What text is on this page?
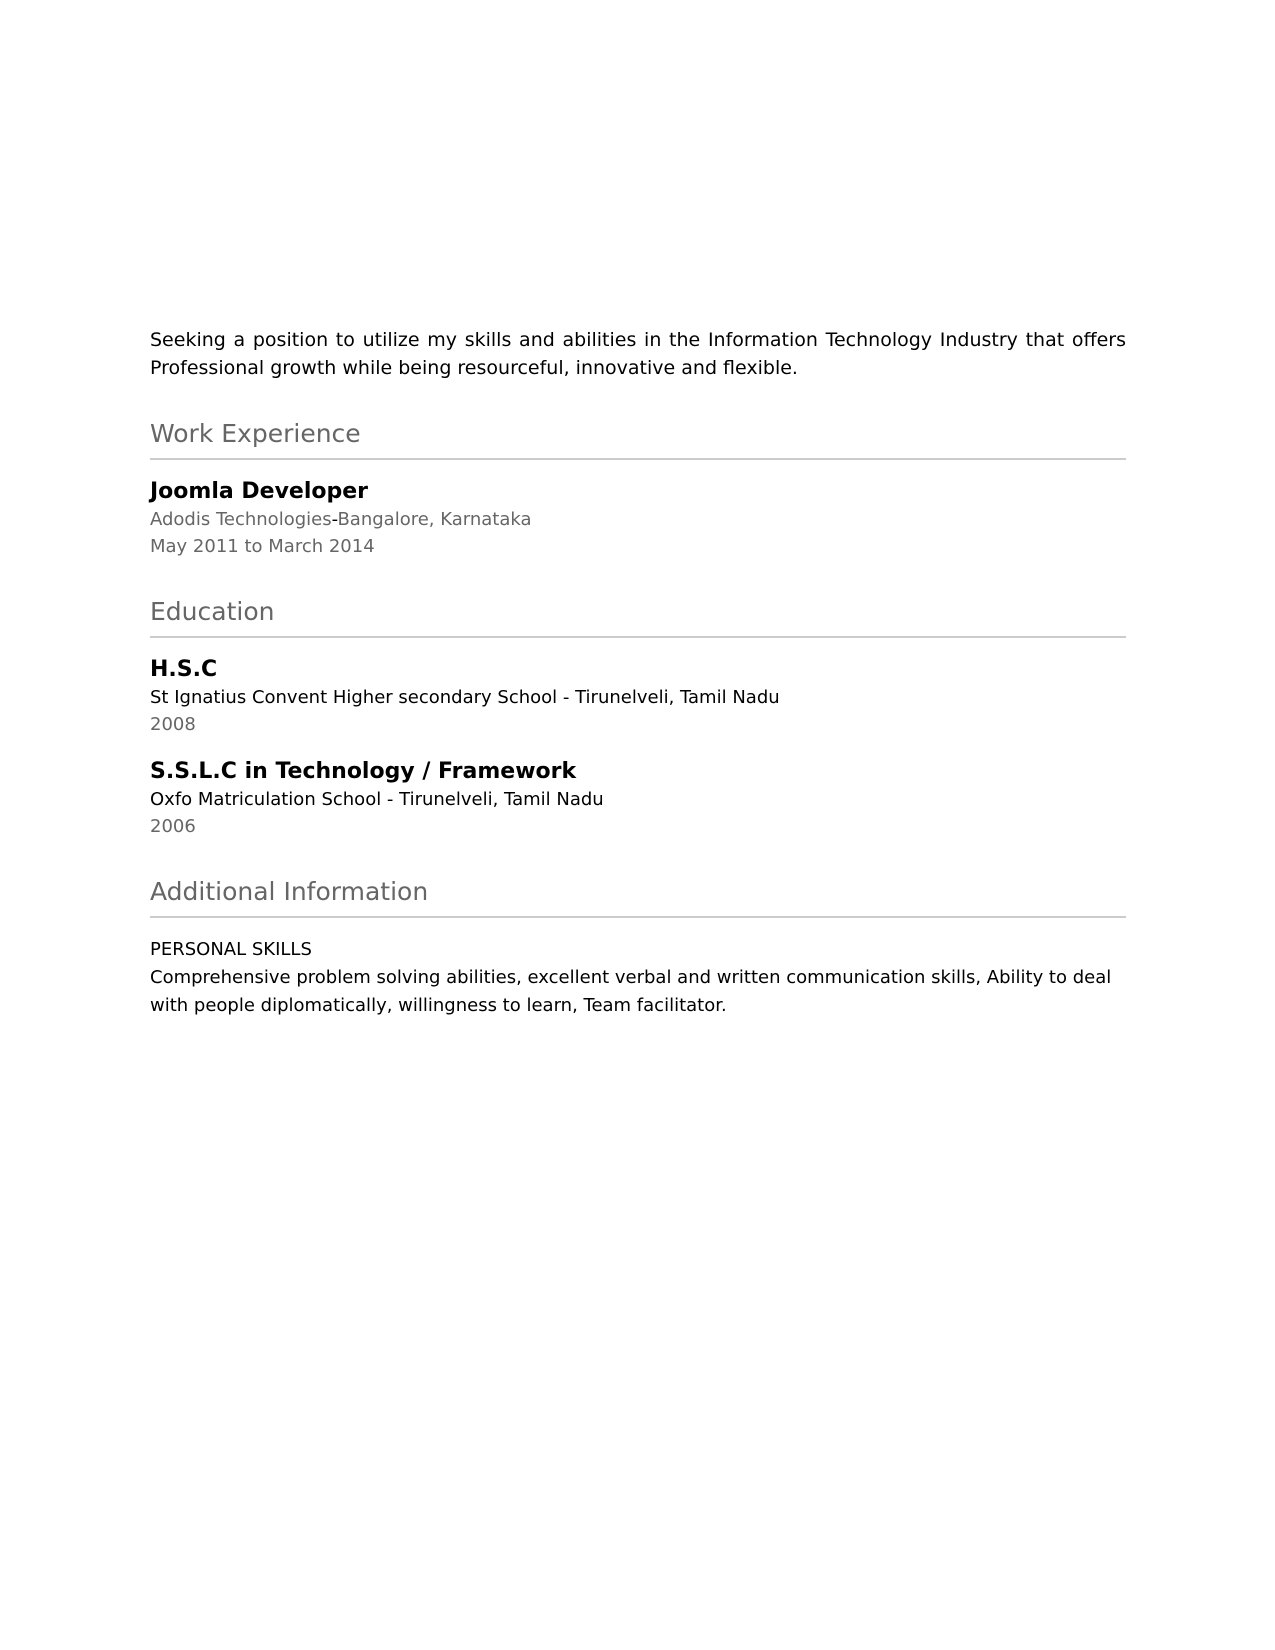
Seeking a position to utilize my skills and abilities in the Information Technology Industry that offers Professional growth while being resourceful, innovative and flexible.

Work Experience

Joomla Developer

Adodis Technologies-Bangalore, Karnataka

May 2011 to March 2014

Education

H.S.C

St Ignatius Convent Higher secondary School - Tirunelveli, Tamil Nadu

2008

S.S.L.C in Technology / Framework

Oxfo Matriculation School - Tirunelveli, Tamil Nadu

2006

Additional Information

PERSONAL SKILLS

Comprehensive problem solving abilities, excellent verbal and written communication skills, Ability to deal with people diplomatically, willingness to learn, Team facilitator.
